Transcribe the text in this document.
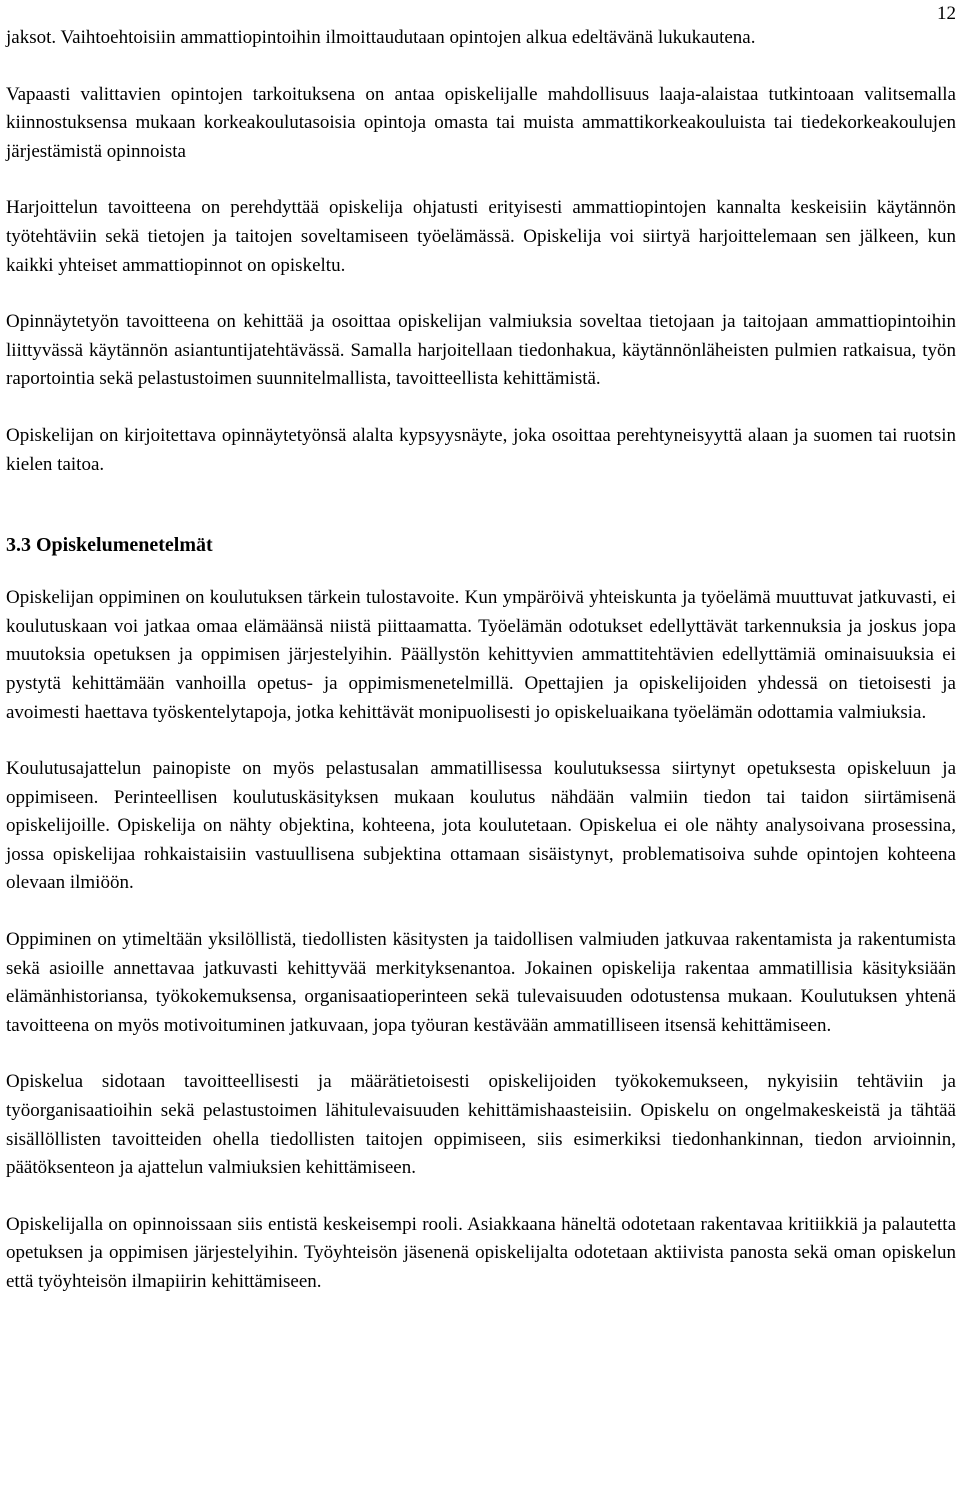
12

jaksot. Vaihtoehtoisiin ammattiopintoihin ilmoittaudutaan opintojen alkua edeltävänä lukukautena.

Vapaasti valittavien opintojen tarkoituksena on antaa opiskelijalle mahdollisuus laaja-alaistaa tutkintoaan valitsemalla kiinnostuksensa mukaan korkeakoulutasoisia opintoja omasta tai muista ammattikorkeakouluista tai tiedekorkeakoulujen järjestämistä opinnoista

Harjoittelun tavoitteena on perehdyttää opiskelija ohjatusti erityisesti ammattiopintojen kannalta keskeisiin käytännön työtehtäviin sekä tietojen ja taitojen soveltamiseen työelämässä. Opiskelija voi siirtyä harjoittelemaan sen jälkeen, kun kaikki yhteiset ammattiopinnot on opiskeltu.

Opinnäytetyön tavoitteena on kehittää ja osoittaa opiskelijan valmiuksia soveltaa tietojaan ja taitojaan ammattiopintoihin liittyvässä käytännön asiantuntijatehtävässä. Samalla harjoitellaan tiedonhakua, käytännönläheisten pulmien ratkaisua, työn raportointia sekä pelastustoimen suunnitelmallista, tavoitteellista kehittämistä.

Opiskelijan on kirjoitettava opinnäytetyönsä alalta kypsyysnäyte, joka osoittaa perehtyneisyyttä alaan ja suomen tai ruotsin kielen taitoa.

3.3 Opiskelumenetelmät

Opiskelijan oppiminen on koulutuksen tärkein tulostavoite. Kun ympäröivä yhteiskunta ja työelämä muuttuvat jatkuvasti, ei koulutuskaan voi jatkaa omaa elämäänsä niistä piittaamatta. Työelämän odotukset edellyttävät tarkennuksia ja joskus jopa muutoksia opetuksen ja oppimisen järjestelyihin. Päällystön kehittyvien ammattitehtävien edellyttämiä ominaisuuksia ei pystytä kehittämään vanhoilla opetus- ja oppimismenetelmillä. Opettajien ja opiskelijoiden yhdessä on tietoisesti ja avoimesti haettava työskentelytapoja, jotka kehittävät monipuolisesti jo opiskeluaikana työelämän odottamia valmiuksia.

Koulutusajattelun painopiste on myös pelastusalan ammatillisessa koulutuksessa siirtynyt opetuksesta opiskeluun ja oppimiseen. Perinteellisen koulutuskäsityksen mukaan koulutus nähdään valmiin tiedon tai taidon siirtämisenä opiskelijoille. Opiskelija on nähty objektina, kohteena, jota koulutetaan. Opiskelua ei ole nähty analysoivana prosessina, jossa opiskelijaa rohkaistaisiin vastuullisena subjektina ottamaan sisäistynyt, problematisoiva suhde opintojen kohteena olevaan ilmiöön.

Oppiminen on ytimeltään yksilöllistä, tiedollisten käsitysten ja taidollisen valmiuden jatkuvaa rakentamista ja rakentumista sekä asioille annettavaa jatkuvasti kehittyvää merkityksenantoa. Jokainen opiskelija rakentaa ammatillisia käsityksiään elämänhistoriansa, työkokemuksensa, organisaatioperinteen sekä tulevaisuuden odotustensa mukaan. Koulutuksen yhtenä tavoitteena on myös motivoituminen jatkuvaan, jopa työuran kestävään ammatilliseen itsensä kehittämiseen.

Opiskelua sidotaan tavoitteellisesti ja määrätietoisesti opiskelijoiden työkokemukseen, nykyisiin tehtäviin ja työorganisaatioihin sekä pelastustoimen lähitulevaisuuden kehittämishaasteisiin. Opiskelu on ongelmakeskeistä ja tähtää sisällöllisten tavoitteiden ohella tiedollisten taitojen oppimiseen, siis esimerkiksi tiedonhankinnan, tiedon arvioinnin, päätöksenteon ja ajattelun valmiuksien kehittämiseen.

Opiskelijalla on opinnoissaan siis entistä keskeisempi rooli. Asiakkaana häneltä odotetaan rakentavaa kritiikkiä ja palautetta opetuksen ja oppimisen järjestelyihin. Työyhteisön jäsenenä opiskelijalta odotetaan aktiivista panosta sekä oman opiskelun että työyhteisön ilmapiirin kehittämiseen.
